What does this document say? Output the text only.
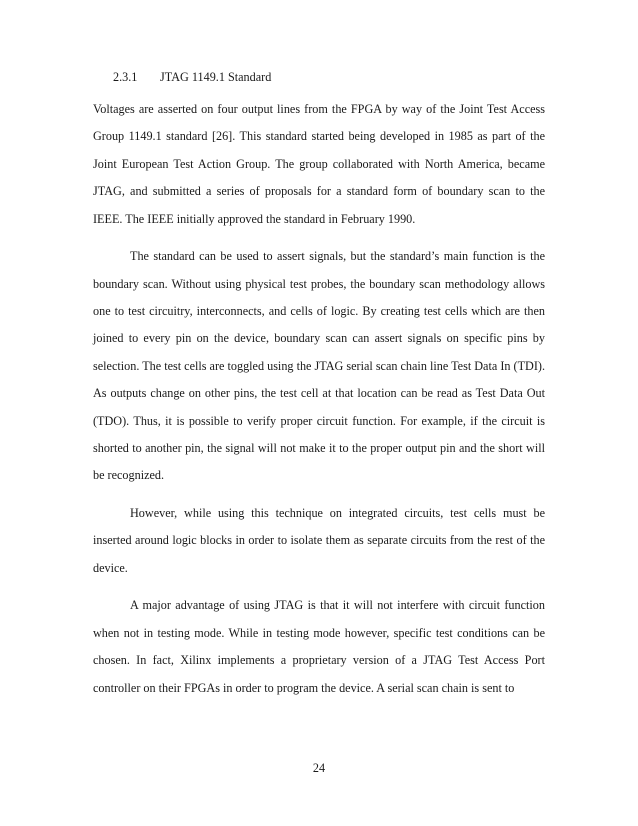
2.3.1 JTAG 1149.1 Standard

Voltages are asserted on four output lines from the FPGA by way of the Joint Test Access Group 1149.1 standard [26]. This standard started being developed in 1985 as part of the Joint European Test Action Group. The group collaborated with North America, became JTAG, and submitted a series of proposals for a standard form of boundary scan to the IEEE. The IEEE initially approved the standard in February 1990.

The standard can be used to assert signals, but the standard’s main function is the boundary scan. Without using physical test probes, the boundary scan methodology allows one to test circuitry, interconnects, and cells of logic. By creating test cells which are then joined to every pin on the device, boundary scan can assert signals on specific pins by selection. The test cells are toggled using the JTAG serial scan chain line Test Data In (TDI). As outputs change on other pins, the test cell at that location can be read as Test Data Out (TDO). Thus, it is possible to verify proper circuit function. For example, if the circuit is shorted to another pin, the signal will not make it to the proper output pin and the short will be recognized.

However, while using this technique on integrated circuits, test cells must be inserted around logic blocks in order to isolate them as separate circuits from the rest of the device.

A major advantage of using JTAG is that it will not interfere with circuit function when not in testing mode. While in testing mode however, specific test conditions can be chosen. In fact, Xilinx implements a proprietary version of a JTAG Test Access Port controller on their FPGAs in order to program the device. A serial scan chain is sent to

24
